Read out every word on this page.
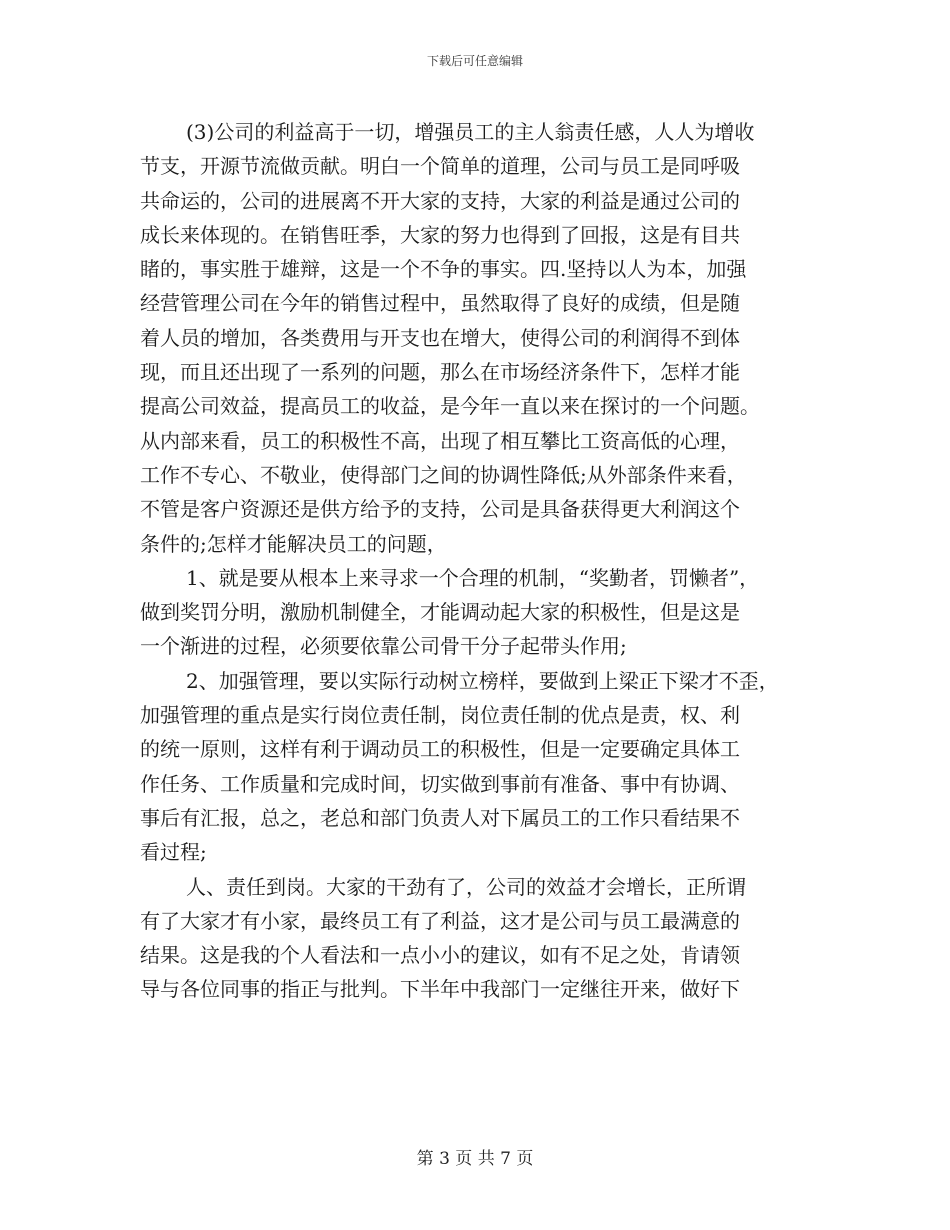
下载后可任意编辑
(3)公司的利益高于一切，增强员工的主人翁责任感，人人为增收
节支，开源节流做贡献。明白一个简单的道理，公司与员工是同呼吸
共命运的，公司的进展离不开大家的支持，大家的利益是通过公司的
成长来体现的。在销售旺季，大家的努力也得到了回报，这是有目共
睹的，事实胜于雄辩，这是一个不争的事实。四.坚持以人为本，加强
经营管理公司在今年的销售过程中，虽然取得了良好的成绩，但是随
着人员的增加，各类费用与开支也在增大，使得公司的利润得不到体
现，而且还出现了一系列的问题，那么在市场经济条件下，怎样才能
提高公司效益，提高员工的收益，是今年一直以来在探讨的一个问题。
从内部来看，员工的积极性不高，出现了相互攀比工资高低的心理，
工作不专心、不敬业，使得部门之间的协调性降低;从外部条件来看，
不管是客户资源还是供方给予的支持，公司是具备获得更大利润这个
条件的;怎样才能解决员工的问题，
1、就是要从根本上来寻求一个合理的机制，“奖勤者，罚懒者”，
做到奖罚分明，激励机制健全，才能调动起大家的积极性，但是这是
一个渐进的过程，必须要依靠公司骨干分子起带头作用;
2、加强管理，要以实际行动树立榜样，要做到上梁正下梁才不歪，
加强管理的重点是实行岗位责任制，岗位责任制的优点是责，权、利
的统一原则，这样有利于调动员工的积极性，但是一定要确定具体工
作任务、工作质量和完成时间，切实做到事前有准备、事中有协调、
事后有汇报，总之，老总和部门负责人对下属员工的工作只看结果不
看过程;
人、责任到岗。大家的干劲有了，公司的效益才会增长，正所谓
有了大家才有小家，最终员工有了利益，这才是公司与员工最满意的
结果。这是我的个人看法和一点小小的建议，如有不足之处，肯请领
导与各位同事的指正与批判。下半年中我部门一定继往开来，做好下
第 3 页 共 7 页
